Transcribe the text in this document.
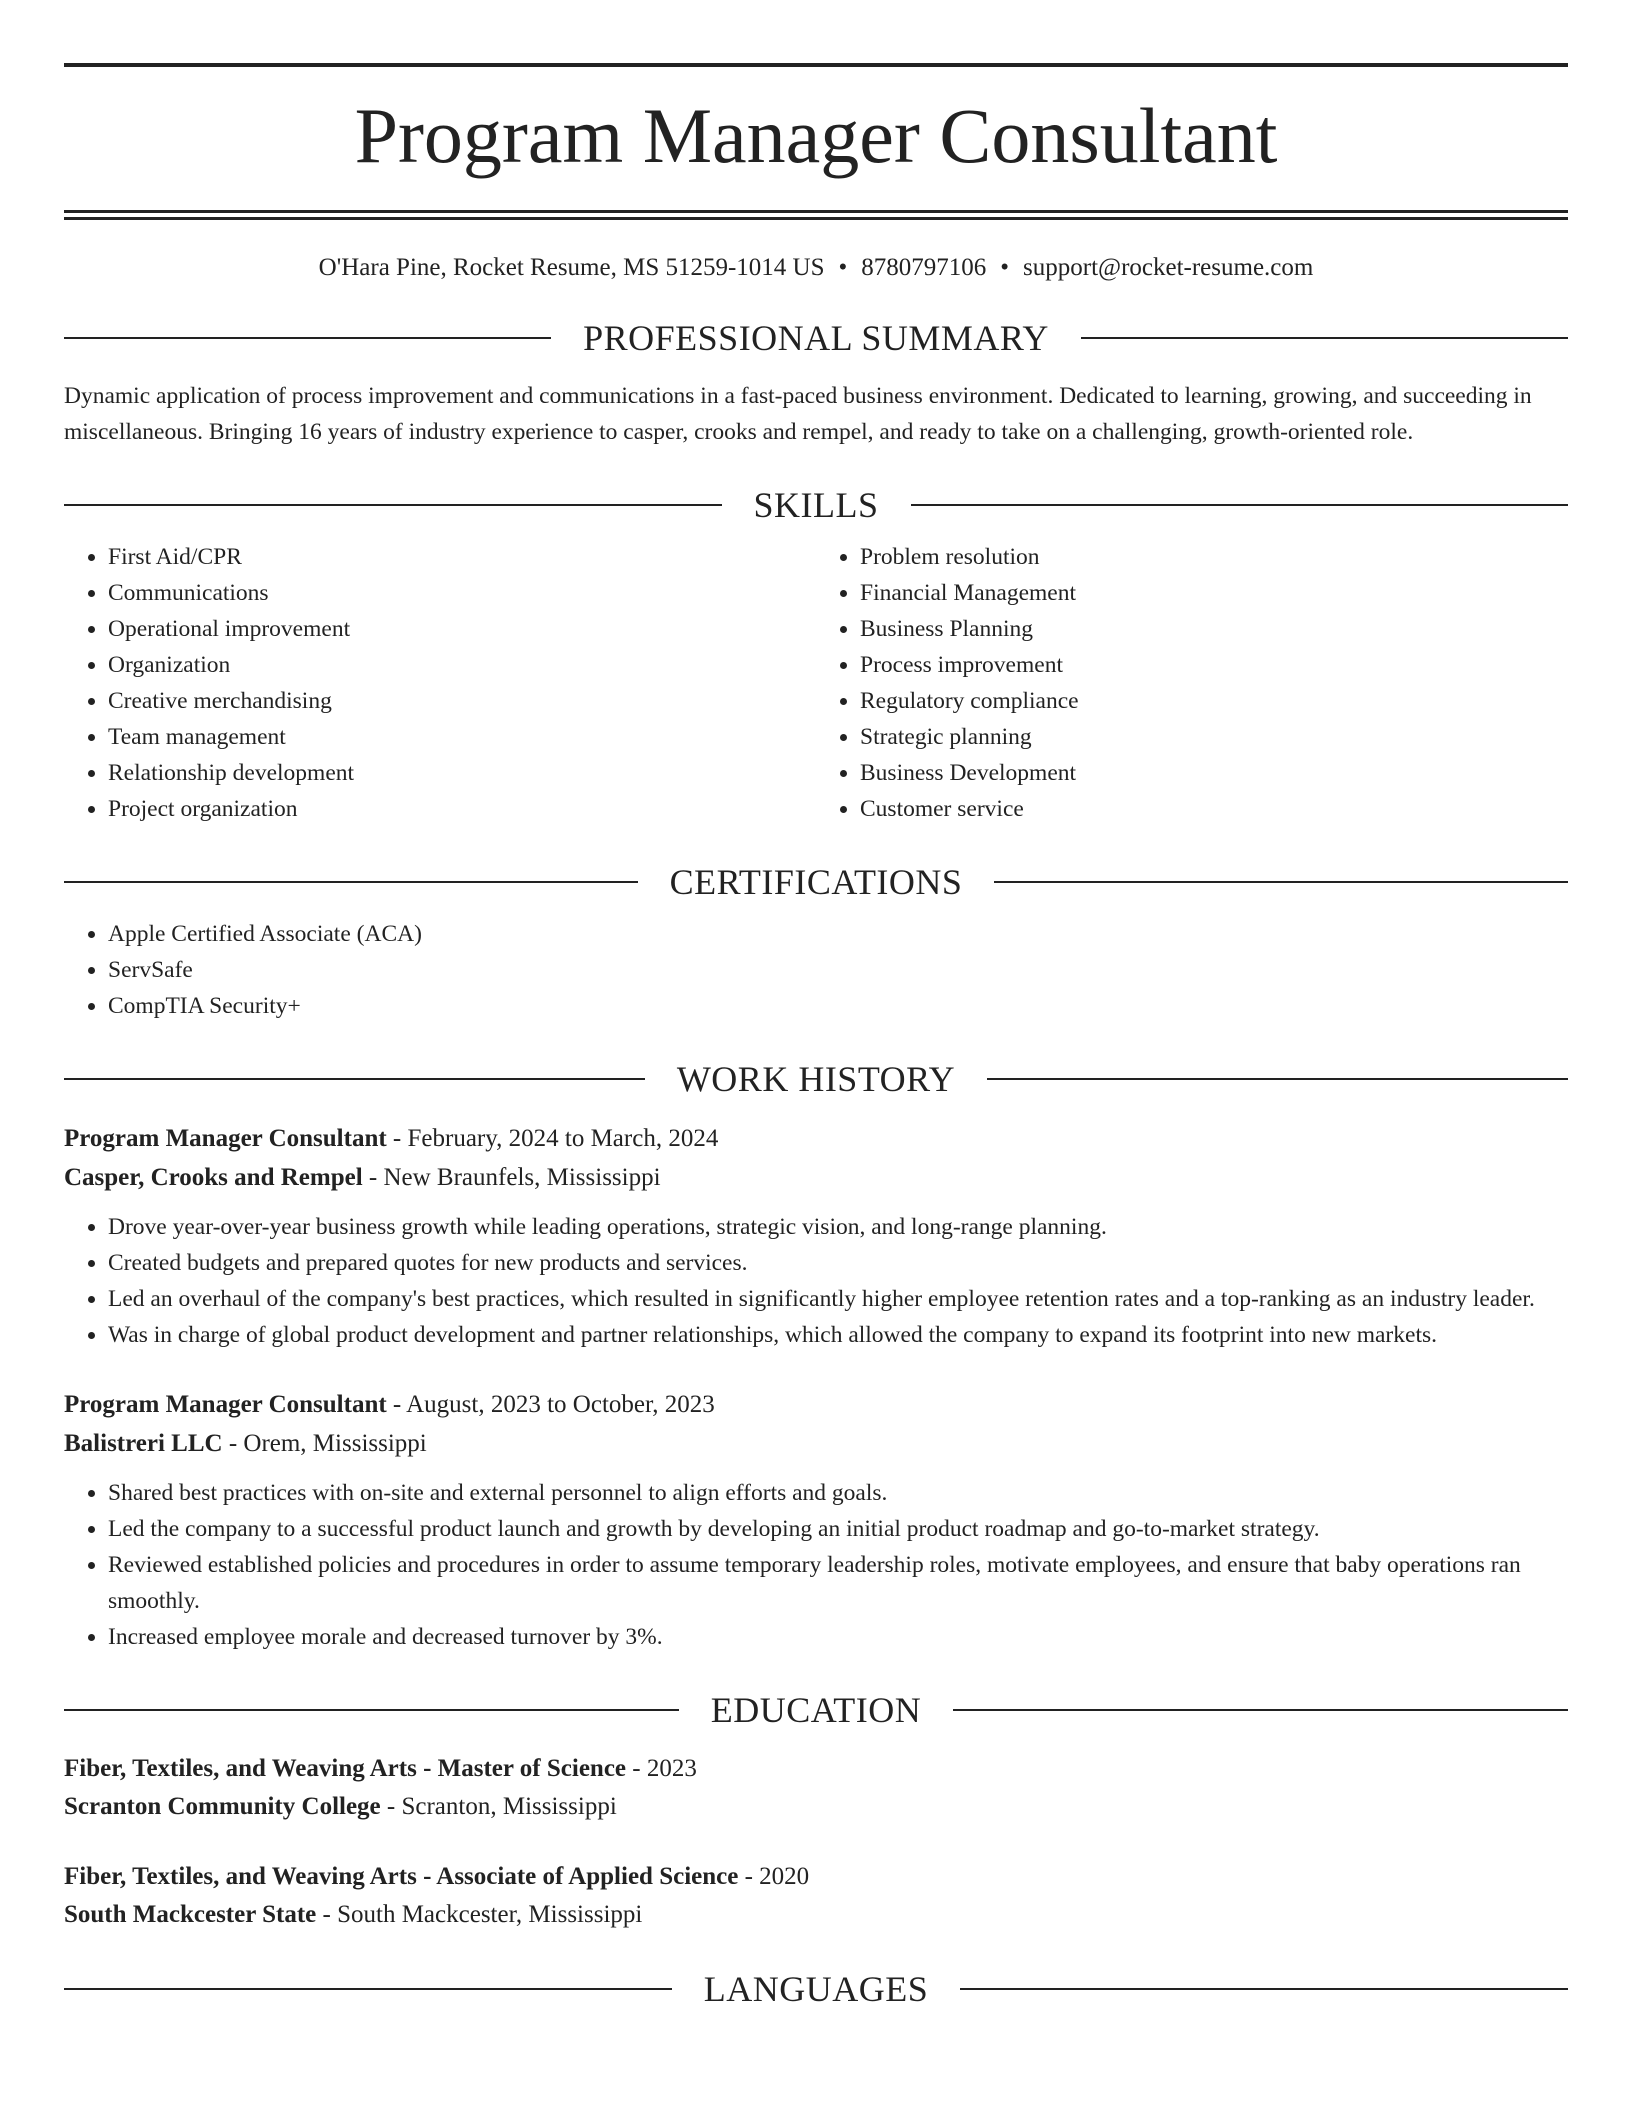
Program Manager Consultant
O'Hara Pine, Rocket Resume, MS 51259-1014 US • 8780797106 • support@rocket-resume.com
PROFESSIONAL SUMMARY
Dynamic application of process improvement and communications in a fast-paced business environment. Dedicated to learning, growing, and succeeding in miscellaneous. Bringing 16 years of industry experience to casper, crooks and rempel, and ready to take on a challenging, growth-oriented role.
SKILLS
• First Aid/CPR
• Communications
• Operational improvement
• Organization
• Creative merchandising
• Team management
• Relationship development
• Project organization
• Problem resolution
• Financial Management
• Business Planning
• Process improvement
• Regulatory compliance
• Strategic planning
• Business Development
• Customer service
CERTIFICATIONS
• Apple Certified Associate (ACA)
• ServSafe
• CompTIA Security+
WORK HISTORY
Program Manager Consultant - February, 2024 to March, 2024
Casper, Crooks and Rempel - New Braunfels, Mississippi
• Drove year-over-year business growth while leading operations, strategic vision, and long-range planning.
• Created budgets and prepared quotes for new products and services.
• Led an overhaul of the company's best practices, which resulted in significantly higher employee retention rates and a top-ranking as an industry leader.
• Was in charge of global product development and partner relationships, which allowed the company to expand its footprint into new markets.
Program Manager Consultant - August, 2023 to October, 2023
Balistreri LLC - Orem, Mississippi
• Shared best practices with on-site and external personnel to align efforts and goals.
• Led the company to a successful product launch and growth by developing an initial product roadmap and go-to-market strategy.
• Reviewed established policies and procedures in order to assume temporary leadership roles, motivate employees, and ensure that baby operations ran smoothly.
• Increased employee morale and decreased turnover by 3%.
EDUCATION
Fiber, Textiles, and Weaving Arts - Master of Science - 2023
Scranton Community College - Scranton, Mississippi
Fiber, Textiles, and Weaving Arts - Associate of Applied Science - 2020
South Mackcester State - South Mackcester, Mississippi
LANGUAGES
